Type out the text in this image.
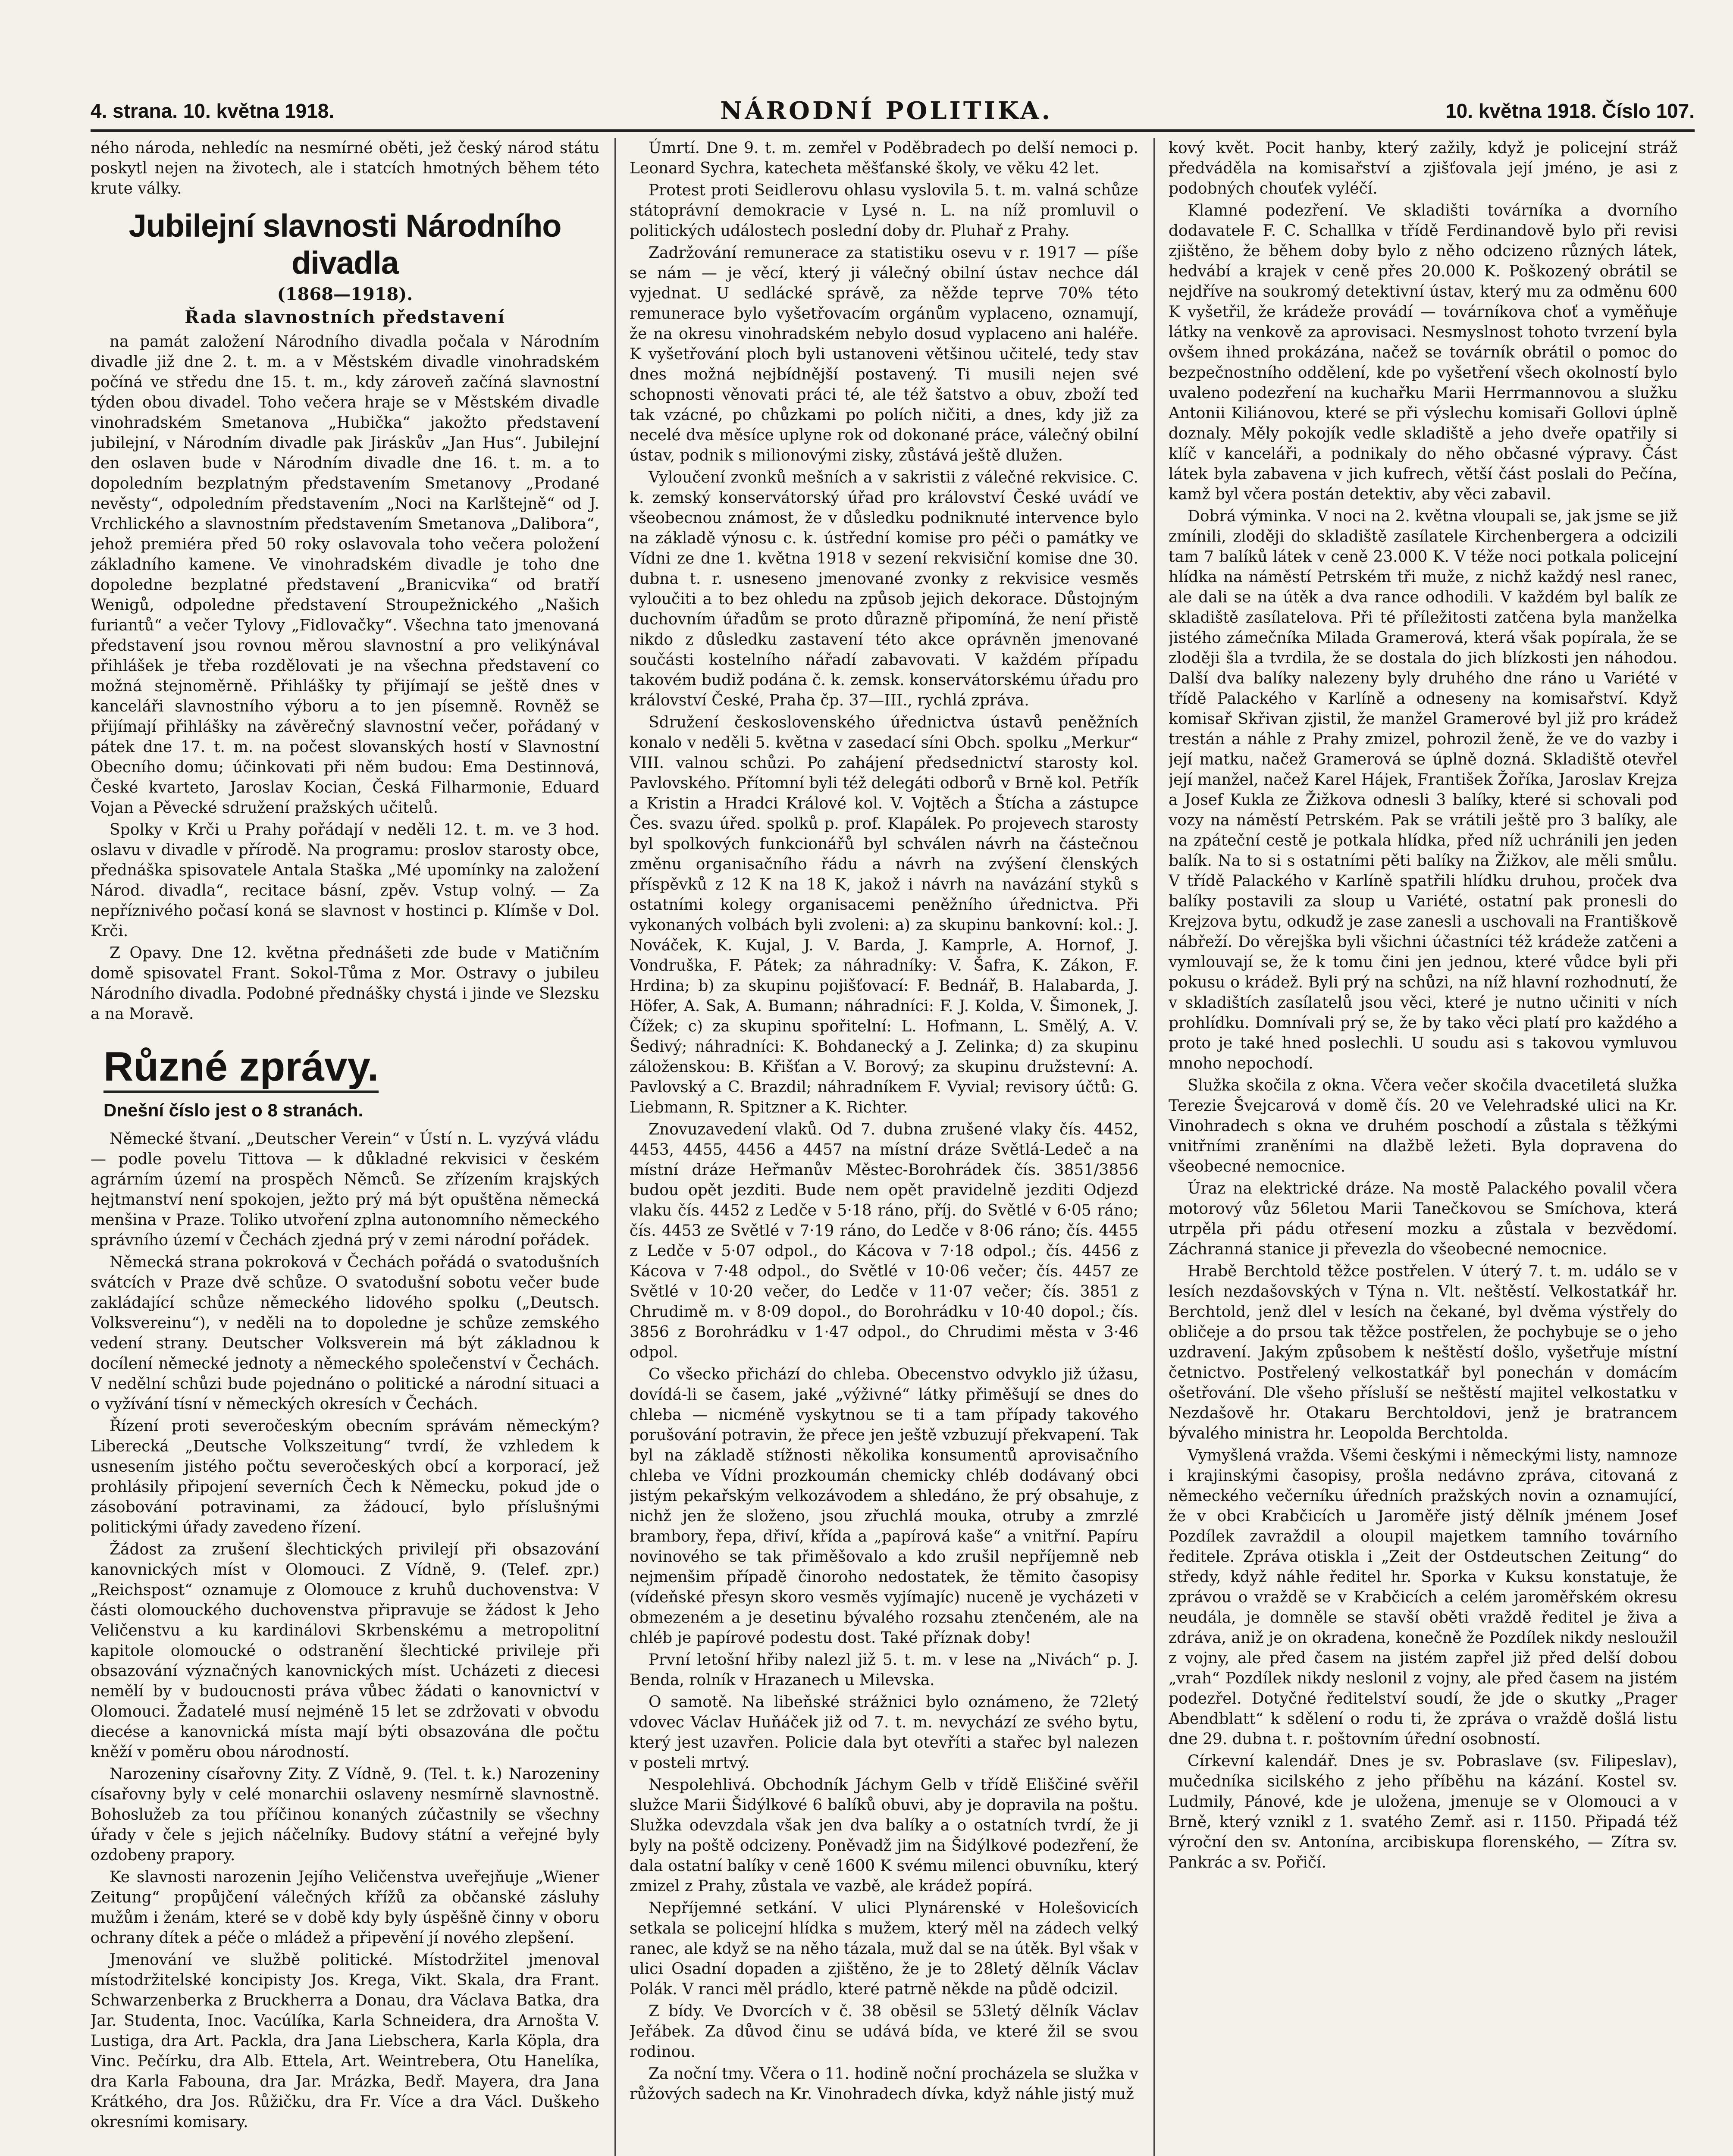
4. strana. 10. května 1918.	NÁRODNÍ POLITIKA.	10. května 1918. Číslo 107.

ného národa, nehledíc na nesmírné oběti, jež český národ státu poskytl nejen na životech, ale i statcích hmotných během této krute války.

Jubilejní slavnosti Národního divadla
(1868—1918).
Řada slavnostních představení

na památ založení Národního divadla počala v Národním divadle již dne 2. t. m. a v Městském divadle vinohradském počíná ve středu dne 15. t. m., kdy zároveň začíná slavnostní týden obou divadel. Toho večera hraje se v Městském divadle vinohradském Smetanova „Hubička“ jakožto představení jubilejní, v Národním divadle pak Jiráskův „Jan Hus“. Jubilejní den oslaven bude v Národním divadle dne 16. t. m. a to dopoledním bezplatným představením Smetanovy „Prodané nevěsty“, odpoledním představením „Noci na Karlštejně“ od J. Vrchlického a slavnostním představením Smetanova „Dalibora“, jehož premiéra před 50 roky oslavovala toho večera položení základního kamene. Ve vinohradském divadle je toho dne dopoledne bezplatné představení „Branicvika“ od bratří Wenigů, odpoledne představení Stroupežnického „Našich furiantů“ a večer Tylovy „Fidlovačky“. Všechna tato jmenovaná představení jsou rovnou měrou slavnostní a pro velikýnával přihlášek je třeba rozdělovati je na všechna představení co možná stejnoměrně. Přihlášky ty přijímají se ještě dnes v kanceláři slavnostního výboru a to jen písemně. Rovněž se přijímají přihlášky na závěrečný slavnostní večer, pořádaný v pátek dne 17. t. m. na počest slovanských hostí v Slavnostní Obecního domu; účinkovati při něm budou: Ema Destinnová, České kvarteto, Jaroslav Kocian, Česká Filharmonie, Eduard Vojan a Pěvecké sdružení pražských učitelů.

Spolky v Krči u Prahy pořádají v neděli 12. t. m. ve 3 hod. oslavu v divadle v přírodě. Na programu: proslov starosty obce, přednáška spisovatele Antala Staška „Mé upomínky na založení Národ. divadla“, recitace básní, zpěv. Vstup volný. — Za nepříznivého počasí koná se slavnost v hostinci p. Klímše v Dol. Krči.

Z Opavy. Dne 12. května přednášeti zde bude v Matičním domě spisovatel Frant. Sokol-Tůma z Mor. Ostravy o jubileu Národního divadla. Podobné přednášky chystá i jinde ve Slezsku a na Moravě.

Různé zprávy.
Dnešní číslo jest o 8 stranách.

Německé štvaní. „Deutscher Verein“ v Ústí n. L. vyzývá vládu — podle povelu Tittova — k důkladné rekvisici v českém agrárním území na prospěch Němců. Se zřízením krajských hejtmanství není spokojen, ježto prý má být opuštěna německá menšina v Praze. Toliko utvoření zplna autonomního německého správního území v Čechách zjedná prý v zemi národní pořádek.

Německá strana pokroková v Čechách pořádá o svatodušních svátcích v Praze dvě schůze. O svatodušní sobotu večer bude zakládající schůze německého lidového spolku („Deutsch. Volksvereinu“), v neděli na to dopoledne je schůze zemského vedení strany. Deutscher Volksverein má být základnou k docílení německé jednoty a německého společenství v Čechách. V nedělní schůzi bude pojednáno o politické a národní situaci a o vyžívání tísní v německých okresích v Čechách.

Řízení proti severočeským obecním správám německým? Liberecká „Deutsche Volkszeitung“ tvrdí, že vzhledem k usnesením jistého počtu severočeských obcí a korporací, jež prohlásily připojení severních Čech k Německu, pokud jde o zásobování potravinami, za žádoucí, bylo příslušnými politickými úřady zavedeno řízení.

Žádost za zrušení šlechtických privilejí při obsazování kanovnických míst v Olomouci. Z Vídně, 9. (Telef. zpr.) „Reichspost“ oznamuje z Olomouce z kruhů duchovenstva: V části olomouckého duchovenstva připravuje se žádost k Jeho Veličenstvu a ku kardinálovi Skrbenskému a metropolitní kapitole olomoucké o odstranění šlechtické privileje při obsazování význačných kanovnických míst. Ucházeti z diecesi nemělí by v budoucnosti práva vůbec žádati o kanovnictví v Olomouci. Žadatelé musí nejméně 15 let se zdržovati v obvodu diecése a kanovnická místa mají býti obsazována dle počtu kněží v poměru obou národností.

Narozeniny císařovny Zity. Z Vídně, 9. (Tel. t. k.) Narozeniny císařovny byly v celé monarchii oslaveny nesmírně slavnostně. Bohoslužeb za tou příčinou konaných zúčastnily se všechny úřady v čele s jejich náčelníky. Budovy státní a veřejné byly ozdobeny prapory.

Ke slavnosti narozenin Jejího Veličenstva uveřejňuje „Wiener Zeitung“ propůjčení válečných křížů za občanské zásluhy mužům i ženám, které se v době kdy byly úspěšně činny v oboru ochrany dítek a péče o mládež a připevění jí nového zlepšení.

Jmenování ve službě politické. Místodržitel jmenoval místodržitelské koncipisty Jos. Krega, Vikt. Skala, dra Frant. Schwarzenberka z Bruckherra a Donau, dra Václava Batka, dra Jar. Studenta, Inoc. Vacúlíka, Karla Schneidera, dra Arnošta V. Lustiga, dra Art. Packla, dra Jana Liebschera, Karla Köpla, dra Vinc. Pečírku, dra Alb. Ettela, Art. Weintrebera, Otu Hanelíka, dra Karla Fabouna, dra Jar. Mrázka, Bedř. Mayera, dra Jana Krátkého, dra Jos. Růžičku, dra Fr. Více a dra Václ. Duškeho okresními komisary.

Úmrtí. Dne 9. t. m. zemřel v Poděbradech po delší nemoci p. Leonard Sychra, katecheta měšťanské školy, ve věku 42 let.

Protest proti Seidlerovu ohlasu vyslovila 5. t. m. valná schůze státoprávní demokracie v Lysé n. L. na níž promluvil o politických událostech poslední doby dr. Pluhař z Prahy.

Zadržování remunerace za statistiku osevu v r. 1917 — píše se nám — je věcí, který ji válečný obilní ústav nechce dál vyjednat. U sedlácké správě, za něžde teprve 70% této remunerace bylo vyšetřovacím orgánům vyplaceno, oznamují, že na okresu vinohradském nebylo dosud vyplaceno ani haléře. K vyšetřování ploch byli ustanoveni většinou učitelé, tedy stav dnes možná nejbídnější postavený. Ti musili nejen své schopnosti věnovati práci té, ale též šatstvo a obuv, zboží teď tak vzácné, po chůzkami po polích ničiti, a dnes, kdy již za necelé dva měsíce uplyne rok od dokonané práce, válečný obilní ústav, podnik s milionovými zisky, zůstává ještě dlužen.

Vyloučení zvonků mešních a v sakristii z válečné rekvisice. C. k. zemský konservátorský úřad pro království České uvádí ve všeobecnou známost, že v důsledku podniknuté intervence bylo na základě výnosu c. k. ústřední komise pro péči o památky ve Vídni ze dne 1. května 1918 v sezení rekvisiční komise dne 30. dubna t. r. usneseno jmenované zvonky z rekvisice vesměs vyloučiti a to bez ohledu na způsob jejich dekorace. Důstojným duchovním úřadům se proto důrazně připomíná, že není přistě nikdo z důsledku zastavení této akce oprávněn jmenované součásti kostelního nářadí zabavovati. V každém případu takovém budiž podána č. k. zemsk. konservátorskému úřadu pro království České, Praha čp. 37—III., rychlá zpráva.

Sdružení československého úřednictva ústavů peněžních konalo v neděli 5. května v zasedací síni Obch. spolku „Merkur“ VIII. valnou schůzi. Po zahájení předsednictví starosty kol. Pavlovského. Přítomní byli též delegáti odborů v Brně kol. Petřík a Kristin a Hradci Králové kol. V. Vojtěch a Štícha a zástupce Čes. svazu úřed. spolků p. prof. Klapálek. Po projevech starosty byl spolkových funkcionářů byl schválen návrh na částečnou změnu organisačního řádu a návrh na zvýšení členských příspěvků z 12 K na 18 K, jakož i návrh na navázání styků s ostatními kolegy organisacemi peněžního úřednictva. Při vykonaných volbách byli zvoleni: a) za skupinu bankovní: kol.: J. Nováček, K. Kujal, J. V. Barda, J. Kamprle, A. Hornof, J. Vondruška, F. Pátek; za náhradníky: V. Šafra, K. Zákon, F. Hrdina; b) za skupinu pojišťovací: F. Bednář, B. Halabarda, J. Höfer, A. Sak, A. Bumann; náhradníci: F. J. Kolda, V. Šimonek, J. Čížek; c) za skupinu spořitelní: L. Hofmann, L. Smělý, A. V. Šedivý; náhradníci: K. Bohdanecký a J. Zelinka; d) za skupinu záloženskou: B. Křišťan a V. Borový; za skupinu družstevní: A. Pavlovský a C. Brazdil; náhradníkem F. Vyvial; revisory účtů: G. Liebmann, R. Spitzner a K. Richter.

Znovuzavedení vlaků. Od 7. dubna zrušené vlaky čís. 4452, 4453, 4455, 4456 a 4457 na místní dráze Světlá-Ledeč a na místní dráze Heřmanův Městec-Borohrádek čís. 3851/3856 budou opět jezditi. Bude nem opět pravidelně jezditi Odjezd vlaku čís. 4452 z Ledče v 5·18 ráno, příj. do Světlé v 6·05 ráno; čís. 4453 ze Světlé v 7·19 ráno, do Ledče v 8·06 ráno; čís. 4455 z Ledče v 5·07 odpol., do Kácova v 7·18 odpol.; čís. 4456 z Kácova v 7·48 odpol., do Světlé v 10·06 večer; čís. 4457 ze Světlé v 10·20 večer, do Ledče v 11·07 večer; čís. 3851 z Chrudimě m. v 8·09 dopol., do Borohrádku v 10·40 dopol.; čís. 3856 z Borohrádku v 1·47 odpol., do Chrudimi města v 3·46 odpol.

Co všecko přichází do chleba. Obecenstvo odvyklo již úžasu, dovídá-li se časem, jaké „výživné“ látky přiměšují se dnes do chleba — nicméně vyskytnou se ti a tam případy takového porušování potravin, že přece jen ještě vzbuzují překvapení. Tak byl na základě stížnosti několika konsumentů aprovisačního chleba ve Vídni prozkoumán chemicky chléb dodávaný obci jistým pekařským velkozávodem a shledáno, že prý obsahuje, z nichž jen že složeno, jsou zřuchlá mouka, otruby a zmrzlé brambory, řepa, dřiví, křída a „papírová kaše“ a vnitřní. Papíru novinového se tak přiměšovalo a kdo zrušil nepříjemně neb nejmenšim případě činoroho nedostatek, že těmito časopisy (vídeňské přesyn skoro vesměs vyjímajíc) nuceně je vycházeti v obmezeném a je desetinu bývalého rozsahu ztenčeném, ale na chléb je papírové podestu dost. Také příznak doby!

První letošní hřiby nalezl již 5. t. m. v lese na „Nivách“ p. J. Benda, rolník v Hrazanech u Milevska.

O samotě. Na libeňské strážnici bylo oznámeno, že 72letý vdovec Václav Huňáček již od 7. t. m. nevychází ze svého bytu, který jest uzavřen. Policie dala byt otevříti a stařec byl nalezen v posteli mrtvý.

Nespolehlivá. Obchodník Jáchym Gelb v třídě Eliščiné svěřil služce Marii Šidýlkové 6 balíků obuvi, aby je dopravila na poštu. Služka odevzdala však jen dva balíky a o ostatních tvrdí, že ji byly na poště odcizeny. Poněvadž jim na Šidýlkové podezření, že dala ostatní balíky v ceně 1600 K svému milenci obuvníku, který zmizel z Prahy, zůstala ve vazbě, ale krádež popírá.

Nepříjemné setkání. V ulici Plynárenské v Holešovicích setkala se policejní hlídka s mužem, který měl na zádech velký ranec, ale když se na něho tázala, muž dal se na útěk. Byl však v ulici Osadní dopaden a zjištěno, že je to 28letý dělník Václav Polák. V ranci měl prádlo, které patrně někde na půdě odcizil.

Z bídy. Ve Dvorcích v č. 38 oběsil se 53letý dělník Václav Jeřábek. Za důvod činu se udává bída, ve které žil se svou rodinou.

Za noční tmy. Včera o 11. hodině noční procházela se služka v růžových sadech na Kr. Vinohradech dívka, když náhle jistý muž

kový květ. Pocit hanby, který zažily, když je policejní stráž předváděla na komisařství a zjišťovala její jméno, je asi z podobných chouťek vyléčí.

Klamné podezření. Ve skladišti továrníka a dvorního dodavatele F. C. Schallka v třídě Ferdinandově bylo při revisi zjištěno, že během doby bylo z něho odcizeno různých látek, hedvábí a krajek v ceně přes 20.000 K. Poškozený obrátil se nejdříve na soukromý detektivní ústav, který mu za odměnu 600 K vyšetřil, že krádeže provádí — továrníkova choť a vyměňuje látky na venkově za aprovisaci. Nesmyslnost tohoto tvrzení byla ovšem ihned prokázána, načež se továrník obrátil o pomoc do bezpečnostního oddělení, kde po vyšetření všech okolností bylo uvaleno podezření na kuchařku Marii Herrmannovou a služku Antonii Kiliánovou, které se při výslechu komisaři Gollovi úplně doznaly. Měly pokojík vedle skladiště a jeho dveře opatřily si klíč v kanceláři, a podnikaly do něho občasné výpravy. Část látek byla zabavena v jich kufrech, větší část poslali do Pečína, kamž byl včera postán detektiv, aby věci zabavil.

Dobrá výminka. V noci na 2. května vloupali se, jak jsme se již zmínili, zloději do skladiště zasílatele Kirchenbergera a odcizili tam 7 balíků látek v ceně 23.000 K. V téže noci potkala policejní hlídka na náměstí Petrském tři muže, z nichž každý nesl ranec, ale dali se na útěk a dva rance odhodili. V každém byl balík ze skladiště zasílatelova. Při té příležitosti zatčena byla manželka jistého zámečníka Milada Gramerová, která však popírala, že se zloději šla a tvrdila, že se dostala do jich blízkosti jen náhodou. Další dva balíky nalezeny byly druhého dne ráno u Variété v třídě Palackého v Karlíně a odneseny na komisařství. Když komisař Skřivan zjistil, že manžel Gramerové byl již pro krádež trestán a náhle z Prahy zmizel, pohrozil ženě, že ve do vazby i její matku, načež Gramerová se úplně dozná. Skladiště otevřel její manžel, načež Karel Hájek, František Žoříka, Jaroslav Krejza a Josef Kukla ze Žižkova odnesli 3 balíky, které si schovali pod vozy na náměstí Petrském. Pak se vrátili ještě pro 3 balíky, ale na zpáteční cestě je potkala hlídka, před níž uchránili jen jeden balík. Na to si s ostatními pěti balíky na Žižkov, ale měli smůlu. V třídě Palackého v Karlíně spatřili hlídku druhou, proček dva balíky postavili za sloup u Variété, ostatní pak pronesli do Krejzova bytu, odkudž je zase zanesli a uschovali na Františkově nábřeží. Do věrejška byli všichni účastníci též krádeže zatčeni a vymlouvají se, že k tomu čini jen jednou, které vůdce byli při pokusu o krádež. Byli prý na schůzi, na níž hlavní rozhodnutí, že v skladištích zasílatelů jsou věci, které je nutno učiniti v ních prohlídku. Domnívali prý se, že by tako věci platí pro každého a proto je také hned poslechli. U soudu asi s takovou vymluvou mnoho nepochodí.

Služka skočila z okna. Včera večer skočila dvacetiletá služka Terezie Švejcarová v domě čís. 20 ve Velehradské ulici na Kr. Vinohradech s okna ve druhém poschodí a zůstala s těžkými vnitřními zraněními na dlažbě ležeti. Byla dopravena do všeobecné nemocnice.

Úraz na elektrické dráze. Na mostě Palackého povalil včera motorový vůz 56letou Marii Tanečkovou se Smíchova, která utrpěla při pádu otřesení mozku a zůstala v bezvědomí. Záchranná stanice ji převezla do všeobecné nemocnice.

Hrabě Berchtold těžce postřelen. V úterý 7. t. m. událo se v lesích nezdašovských v Týna n. Vlt. neštěstí. Velkostatkář hr. Berchtold, jenž dlel v lesích na čekané, byl dvěma výstřely do obličeje a do prsou tak těžce postřelen, že pochybuje se o jeho uzdravení. Jakým způsobem k neštěstí došlo, vyšetřuje místní četnictvo. Postřelený velkostatkář byl ponechán v domácím ošetřování. Dle všeho přísluší se neštěstí majitel velkostatku v Nezdašově hr. Otakaru Berchtoldovi, jenž je bratrancem bývalého ministra hr. Leopolda Berchtolda.

Vymyšlená vražda. Všemi českými i německými listy, namnoze i krajinskými časopisy, prošla nedávno zpráva, citovaná z německého večerníku úředních pražských novin a oznamující, že v obci Krabčicích u Jaroměře jistý dělník jménem Josef Pozdílek zavraždil a oloupil majetkem tamního továrního ředitele. Zpráva otiskla i „Zeit der Ostdeutschen Zeitung“ do středy, když náhle ředitel hr. Sporka v Kuksu konstatuje, že zprávou o vraždě se v Krabčicích a celém jaroměřském okresu neudála, je domněle se stavší oběti vraždě ředitel je živa a zdráva, aniž je on okradena, konečně že Pozdílek nikdy nesloužil z vojny, ale před časem na jistém zapřel již před delší dobou „vrah“ Pozdílek nikdy neslonil z vojny, ale před časem na jistém podezřel. Dotyčné ředitelství soudí, že jde o skutky „Prager Abendblatt“ k sdělení o rodu ti, že zpráva o vraždě došlá listu dne 29. dubna t. r. poštovním úřední osobností.

Církevní kalendář. Dnes je sv. Pobraslave (sv. Filipeslav), mučedníka sicilského z jeho příběhu na kázání. Kostel sv. Ludmily, Pánové, kde je uložena, jmenuje se v Olomouci a v Brně, který vznikl z 1. svatého Zemř. asi r. 1150. Připadá též výroční den sv. Antonína, arcibiskupa florenského, — Zítra sv. Pankrác a sv. Pořičí.
